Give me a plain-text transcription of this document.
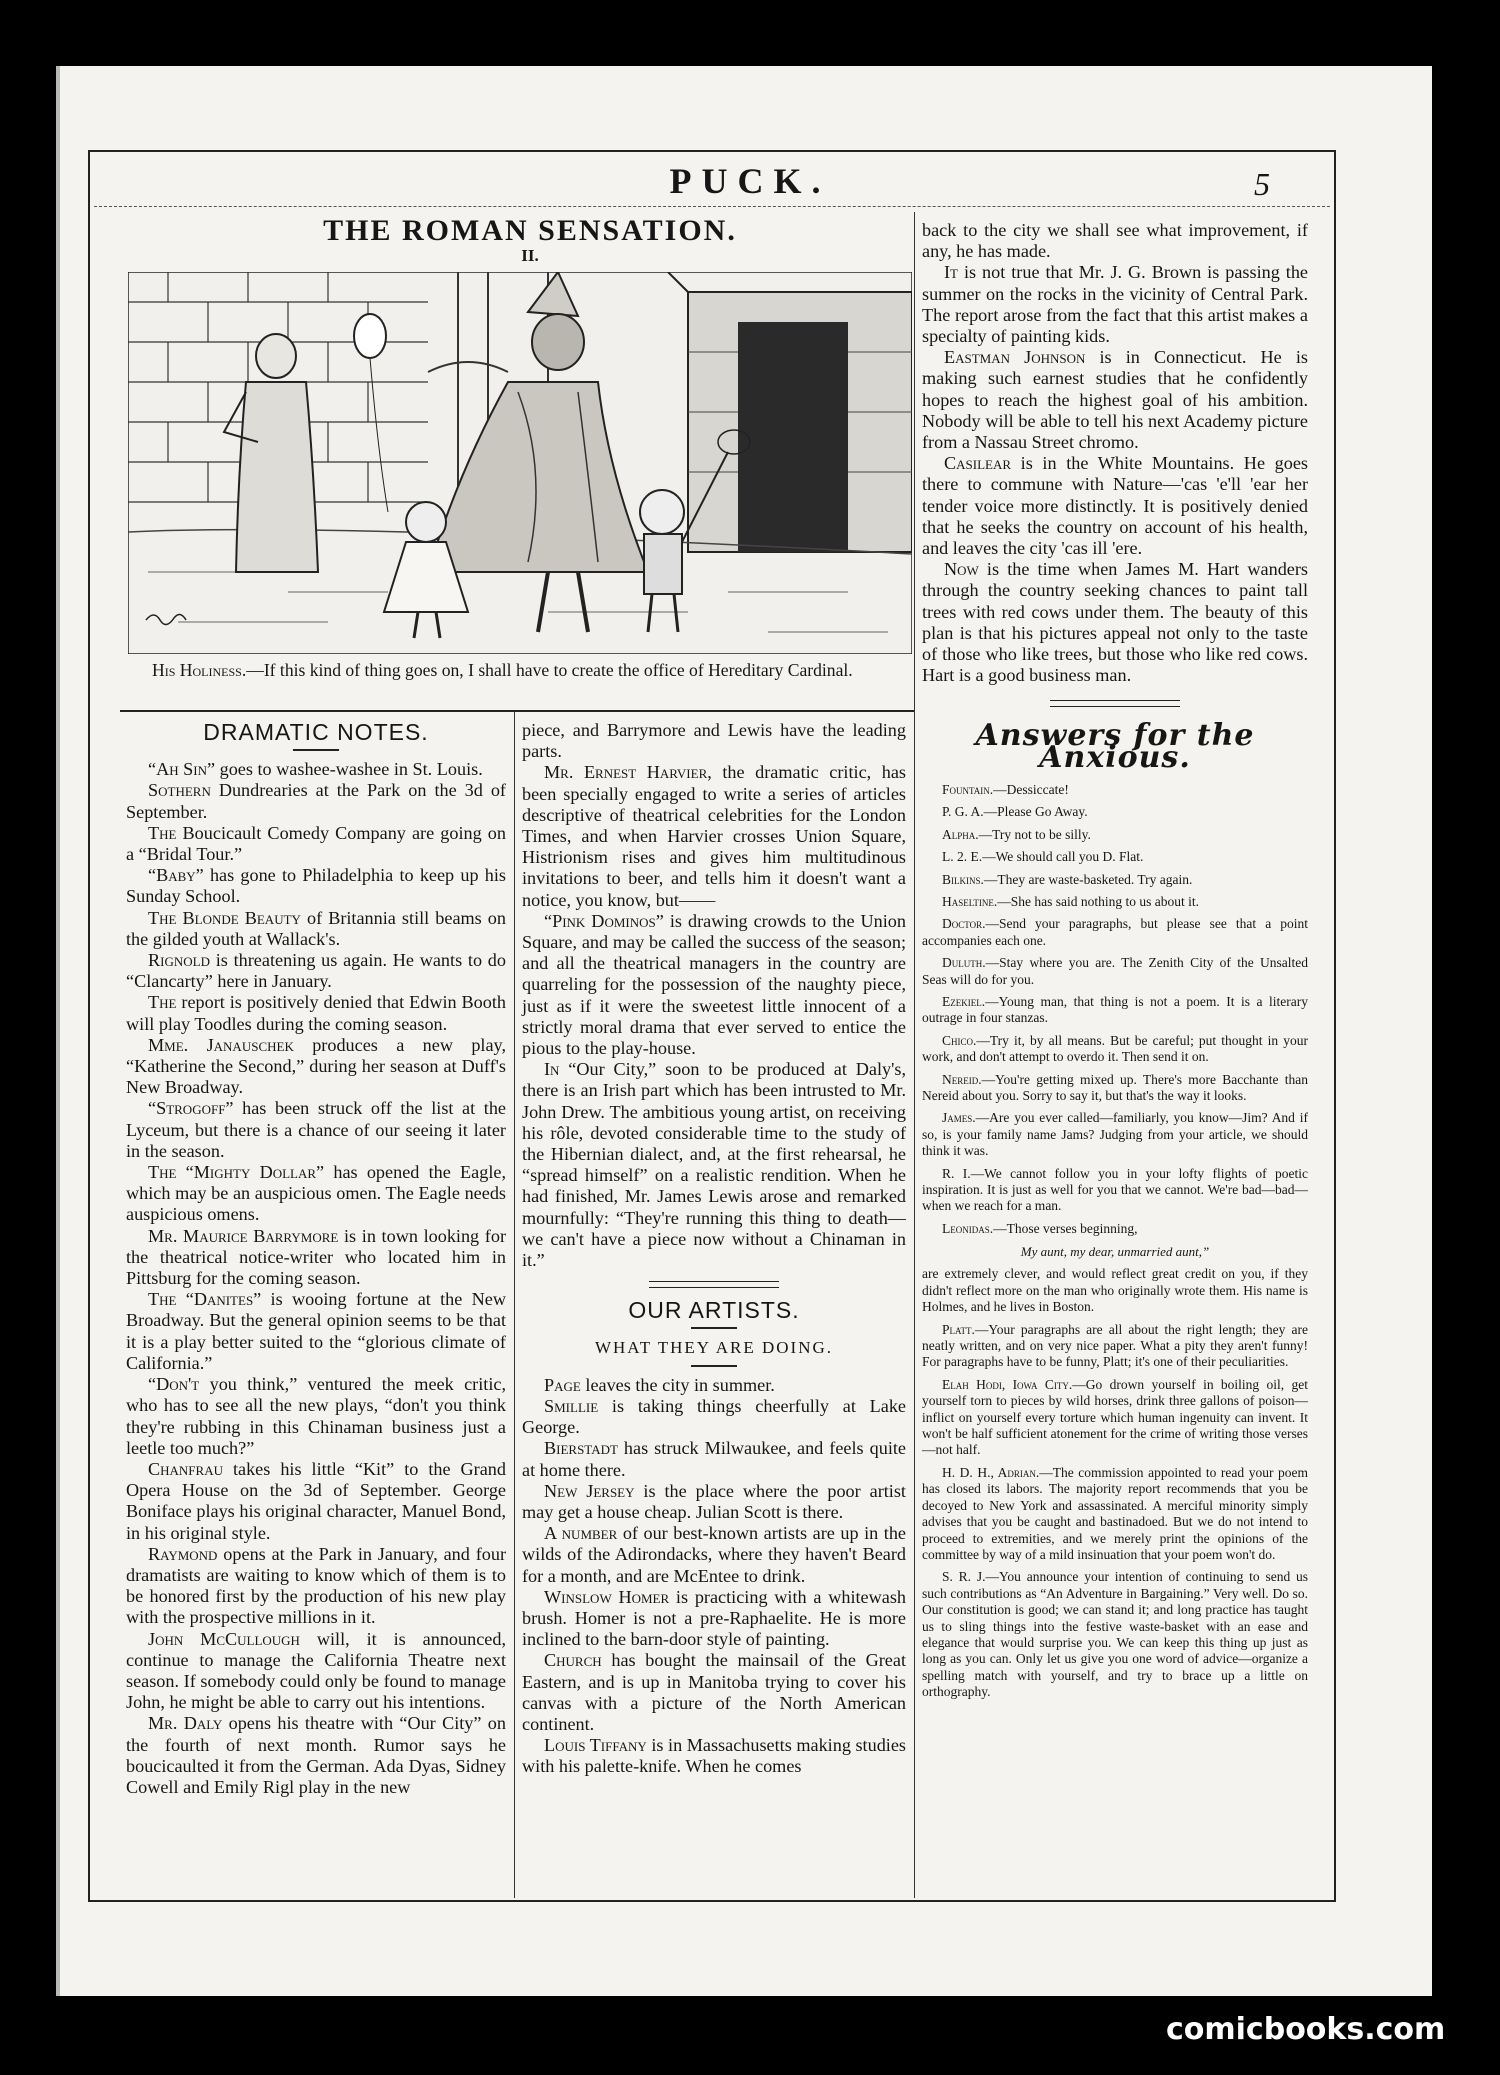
PUCK.	5
THE ROMAN SENSATION.
II.
His Holiness.—If this kind of thing goes on, I shall have to create the office of Hereditary Cardinal.
DRAMATIC NOTES.

“Ah Sin” goes to washee-washee in St. Louis.

Sothern Dundrearies at the Park on the 3d of September.

The Boucicault Comedy Company are going on a “Bridal Tour.”

“Baby” has gone to Philadelphia to keep up his Sunday School.

The Blonde Beauty of Britannia still beams on the gilded youth at Wallack's.

Rignold is threatening us again. He wants to do “Clancarty” here in January.

The report is positively denied that Edwin Booth will play Toodles during the coming season.

Mme. Janauschek produces a new play, “Katherine the Second,” during her season at Duff's New Broadway.

“Strogoff” has been struck off the list at the Lyceum, but there is a chance of our seeing it later in the season.

The “Mighty Dollar” has opened the Eagle, which may be an auspicious omen. The Eagle needs auspicious omens.

Mr. Maurice Barrymore is in town looking for the theatrical notice-writer who located him in Pittsburg for the coming season.

The “Danites” is wooing fortune at the New Broadway. But the general opinion seems to be that it is a play better suited to the “glorious climate of California.”

“Don't you think,” ventured the meek critic, who has to see all the new plays, “don't you think they're rubbing in this Chinaman business just a leetle too much?”

Chanfrau takes his little “Kit” to the Grand Opera House on the 3d of September. George Boniface plays his original character, Manuel Bond, in his original style.

Raymond opens at the Park in January, and four dramatists are waiting to know which of them is to be honored first by the production of his new play with the prospective millions in it.

John McCullough will, it is announced, continue to manage the California Theatre next season. If somebody could only be found to manage John, he might be able to carry out his intentions.

Mr. Daly opens his theatre with “Our City” on the fourth of next month. Rumor says he boucicaulted it from the German. Ada Dyas, Sidney Cowell and Emily Rigl play in the new

piece, and Barrymore and Lewis have the leading parts.

Mr. Ernest Harvier, the dramatic critic, has been specially engaged to write a series of articles descriptive of theatrical celebrities for the London Times, and when Harvier crosses Union Square, Histrionism rises and gives him multitudinous invitations to beer, and tells him it doesn't want a notice, you know, but——

“Pink Dominos” is drawing crowds to the Union Square, and may be called the success of the season; and all the theatrical managers in the country are quarreling for the possession of the naughty piece, just as if it were the sweetest little innocent of a strictly moral drama that ever served to entice the pious to the play-house.

In “Our City,” soon to be produced at Daly's, there is an Irish part which has been intrusted to Mr. John Drew. The ambitious young artist, on receiving his rôle, devoted considerable time to the study of the Hibernian dialect, and, at the first rehearsal, he “spread himself” on a realistic rendition. When he had finished, Mr. James Lewis arose and remarked mournfully: “They're running this thing to death—we can't have a piece now without a Chinaman in it.”

OUR ARTISTS.
WHAT THEY ARE DOING.

Page leaves the city in summer.

Smillie is taking things cheerfully at Lake George.

Bierstadt has struck Milwaukee, and feels quite at home there.

New Jersey is the place where the poor artist may get a house cheap. Julian Scott is there.

A number of our best-known artists are up in the wilds of the Adirondacks, where they haven't Beard for a month, and are McEntee to drink.

Winslow Homer is practicing with a whitewash brush. Homer is not a pre-Raphaelite. He is more inclined to the barn-door style of painting.

Church has bought the mainsail of the Great Eastern, and is up in Manitoba trying to cover his canvas with a picture of the North American continent.

Louis Tiffany is in Massachusetts making studies with his palette-knife. When he comes

back to the city we shall see what improvement, if any, he has made.

It is not true that Mr. J. G. Brown is passing the summer on the rocks in the vicinity of Central Park. The report arose from the fact that this artist makes a specialty of painting kids.

Eastman Johnson is in Connecticut. He is making such earnest studies that he confidently hopes to reach the highest goal of his ambition. Nobody will be able to tell his next Academy picture from a Nassau Street chromo.

Casilear is in the White Mountains. He goes there to commune with Nature—'cas 'e'll 'ear her tender voice more distinctly. It is positively denied that he seeks the country on account of his health, and leaves the city 'cas ill 'ere.

Now is the time when James M. Hart wanders through the country seeking chances to paint tall trees with red cows under them. The beauty of this plan is that his pictures appeal not only to the taste of those who like trees, but those who like red cows. Hart is a good business man.

Answers for the Anxious.

Fountain.—Dessiccate!

P. G. A.—Please Go Away.

Alpha.—Try not to be silly.

L. 2. E.—We should call you D. Flat.

Bilkins.—They are waste-basketed. Try again.

Haseltine.—She has said nothing to us about it.

Doctor.—Send your paragraphs, but please see that a point accompanies each one.

Duluth.—Stay where you are. The Zenith City of the Unsalted Seas will do for you.

Ezekiel.—Young man, that thing is not a poem. It is a literary outrage in four stanzas.

Chico.—Try it, by all means. But be careful; put thought in your work, and don't attempt to overdo it. Then send it on.

Nereid.—You're getting mixed up. There's more Bacchante than Nereid about you. Sorry to say it, but that's the way it looks.

James.—Are you ever called—familiarly, you know—Jim? And if so, is your family name Jams? Judging from your article, we should think it was.

R. I.—We cannot follow you in your lofty flights of poetic inspiration. It is just as well for you that we cannot. We're bad—bad—when we reach for a man.

Leonidas.—Those verses beginning,

My aunt, my dear, unmarried aunt,”

are extremely clever, and would reflect great credit on you, if they didn't reflect more on the man who originally wrote them. His name is Holmes, and he lives in Boston.

Platt.—Your paragraphs are all about the right length; they are neatly written, and on very nice paper. What a pity they aren't funny! For paragraphs have to be funny, Platt; it's one of their peculiarities.

Elah Hodi, Iowa City.—Go drown yourself in boiling oil, get yourself torn to pieces by wild horses, drink three gallons of poison—inflict on yourself every torture which human ingenuity can invent. It won't be half sufficient atonement for the crime of writing those verses—not half.

H. D. H., Adrian.—The commission appointed to read your poem has closed its labors. The majority report recommends that you be decoyed to New York and assassinated. A merciful minority simply advises that you be caught and bastinadoed. But we do not intend to proceed to extremities, and we merely print the opinions of the committee by way of a mild insinuation that your poem won't do.

S. R. J.—You announce your intention of continuing to send us such contributions as “An Adventure in Bargaining.” Very well. Do so. Our constitution is good; we can stand it; and long practice has taught us to sling things into the festive waste-basket with an ease and elegance that would surprise you. We can keep this thing up just as long as you can. Only let us give you one word of advice—organize a spelling match with yourself, and try to brace up a little on orthography.

comicbooks.com
